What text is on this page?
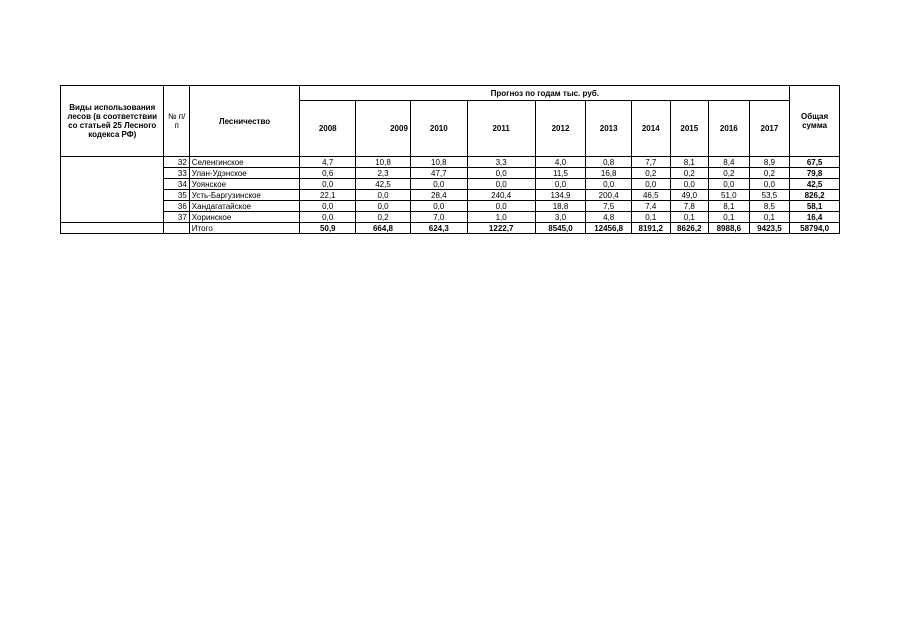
Виды использования лесов (в соответствии со статьей 25 Лесного кодекса РФ)	№ п/п	Лесничество	Прогноз по годам тыс. руб.										Общая сумма
			2008	2009	2010	2011	2012	2013	2014	2015	2016	2017	
	32	Селенгинское	4,7	10,8	10,8	3,3	4,0	0,8	7,7	8,1	8,4	8,9	67,5
	33	Улан-Удэнское	0,6	2,3	47,7	0,0	11,5	16,8	0,2	0,2	0,2	0,2	79,8
	34	Уоянское	0,0	42,5	0,0	0,0	0,0	0,0	0,0	0,0	0,0	0,0	42,5
	35	Усть-Баргузинское	22,1	0,0	28,4	240,4	134,9	200,4	46,5	49,0	51,0	53,5	826,2
	36	Хандагатайское	0,0	0,0	0,0	0,0	18,8	7,5	7,4	7,8	8,1	8,5	58,1
	37	Хоринское	0,0	0,2	7,0	1,0	3,0	4,8	0,1	0,1	0,1	0,1	16,4
		Итого	50,9	664,8	624,3	1222,7	8545,0	12456,8	8191,2	8626,2	8988,6	9423,5	58794,0
